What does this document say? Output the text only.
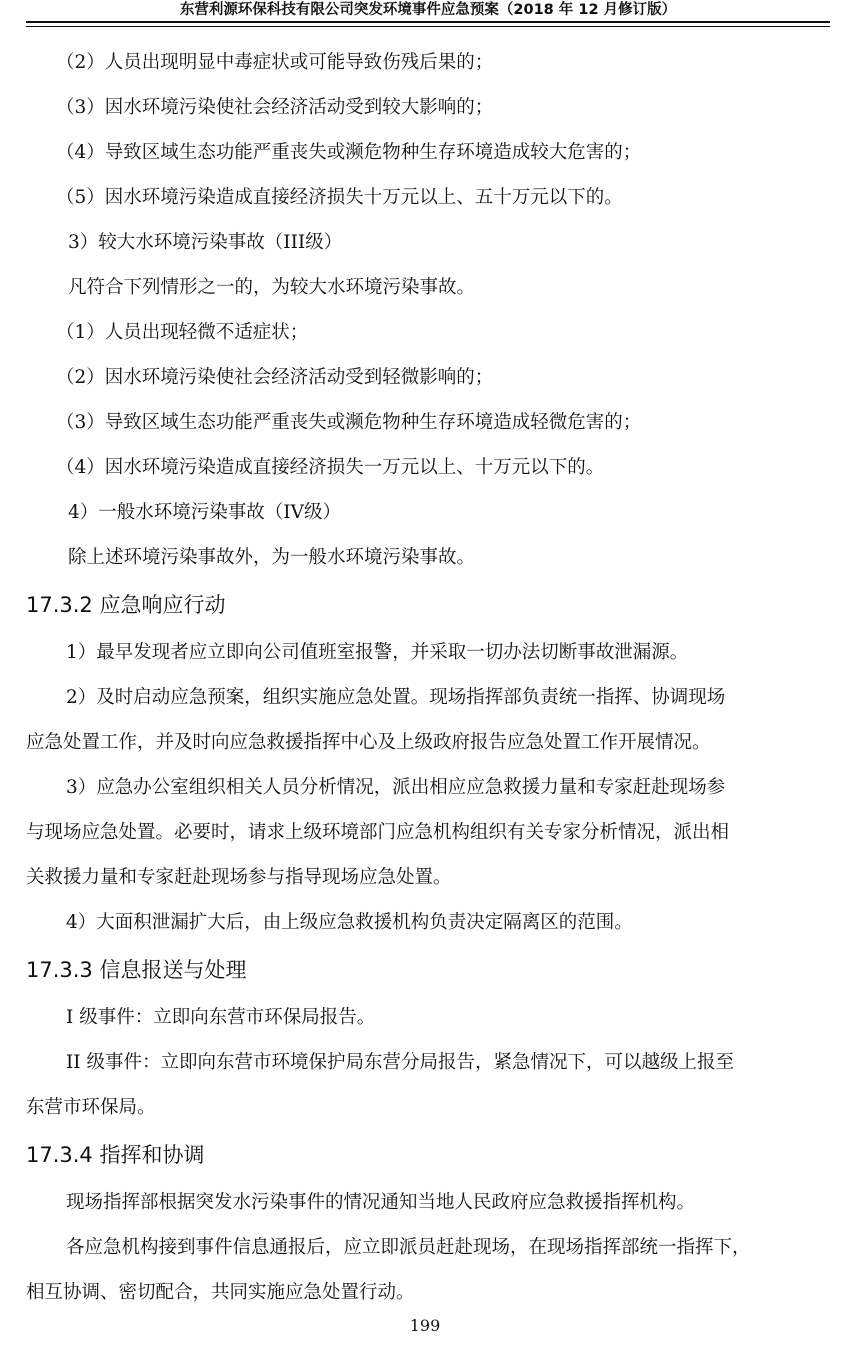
东营利源环保科技有限公司突发环境事件应急预案（2018 年 12 月修订版）
（2）人员出现明显中毒症状或可能导致伤残后果的；
（3）因水环境污染使社会经济活动受到较大影响的；
（4）导致区域生态功能严重丧失或濒危物种生存环境造成较大危害的；
（5）因水环境污染造成直接经济损失十万元以上、五十万元以下的。
3）较大水环境污染事故（III级）
凡符合下列情形之一的，为较大水环境污染事故。
（1）人员出现轻微不适症状；
（2）因水环境污染使社会经济活动受到轻微影响的；
（3）导致区域生态功能严重丧失或濒危物种生存环境造成轻微危害的；
（4）因水环境污染造成直接经济损失一万元以上、十万元以下的。
4）一般水环境污染事故（IV级）
除上述环境污染事故外，为一般水环境污染事故。
17.3.2 应急响应行动
1）最早发现者应立即向公司值班室报警，并采取一切办法切断事故泄漏源。
2）及时启动应急预案，组织实施应急处置。现场指挥部负责统一指挥、协调现场
应急处置工作，并及时向应急救援指挥中心及上级政府报告应急处置工作开展情况。
3）应急办公室组织相关人员分析情况，派出相应应急救援力量和专家赶赴现场参
与现场应急处置。必要时，请求上级环境部门应急机构组织有关专家分析情况，派出相
关救援力量和专家赶赴现场参与指导现场应急处置。
4）大面积泄漏扩大后，由上级应急救援机构负责决定隔离区的范围。
17.3.3 信息报送与处理
I 级事件：立即向东营市环保局报告。
II 级事件：立即向东营市环境保护局东营分局报告，紧急情况下，可以越级上报至
东营市环保局。
17.3.4 指挥和协调
现场指挥部根据突发水污染事件的情况通知当地人民政府应急救援指挥机构。
各应急机构接到事件信息通报后，应立即派员赶赴现场，在现场指挥部统一指挥下，
相互协调、密切配合，共同实施应急处置行动。
199
